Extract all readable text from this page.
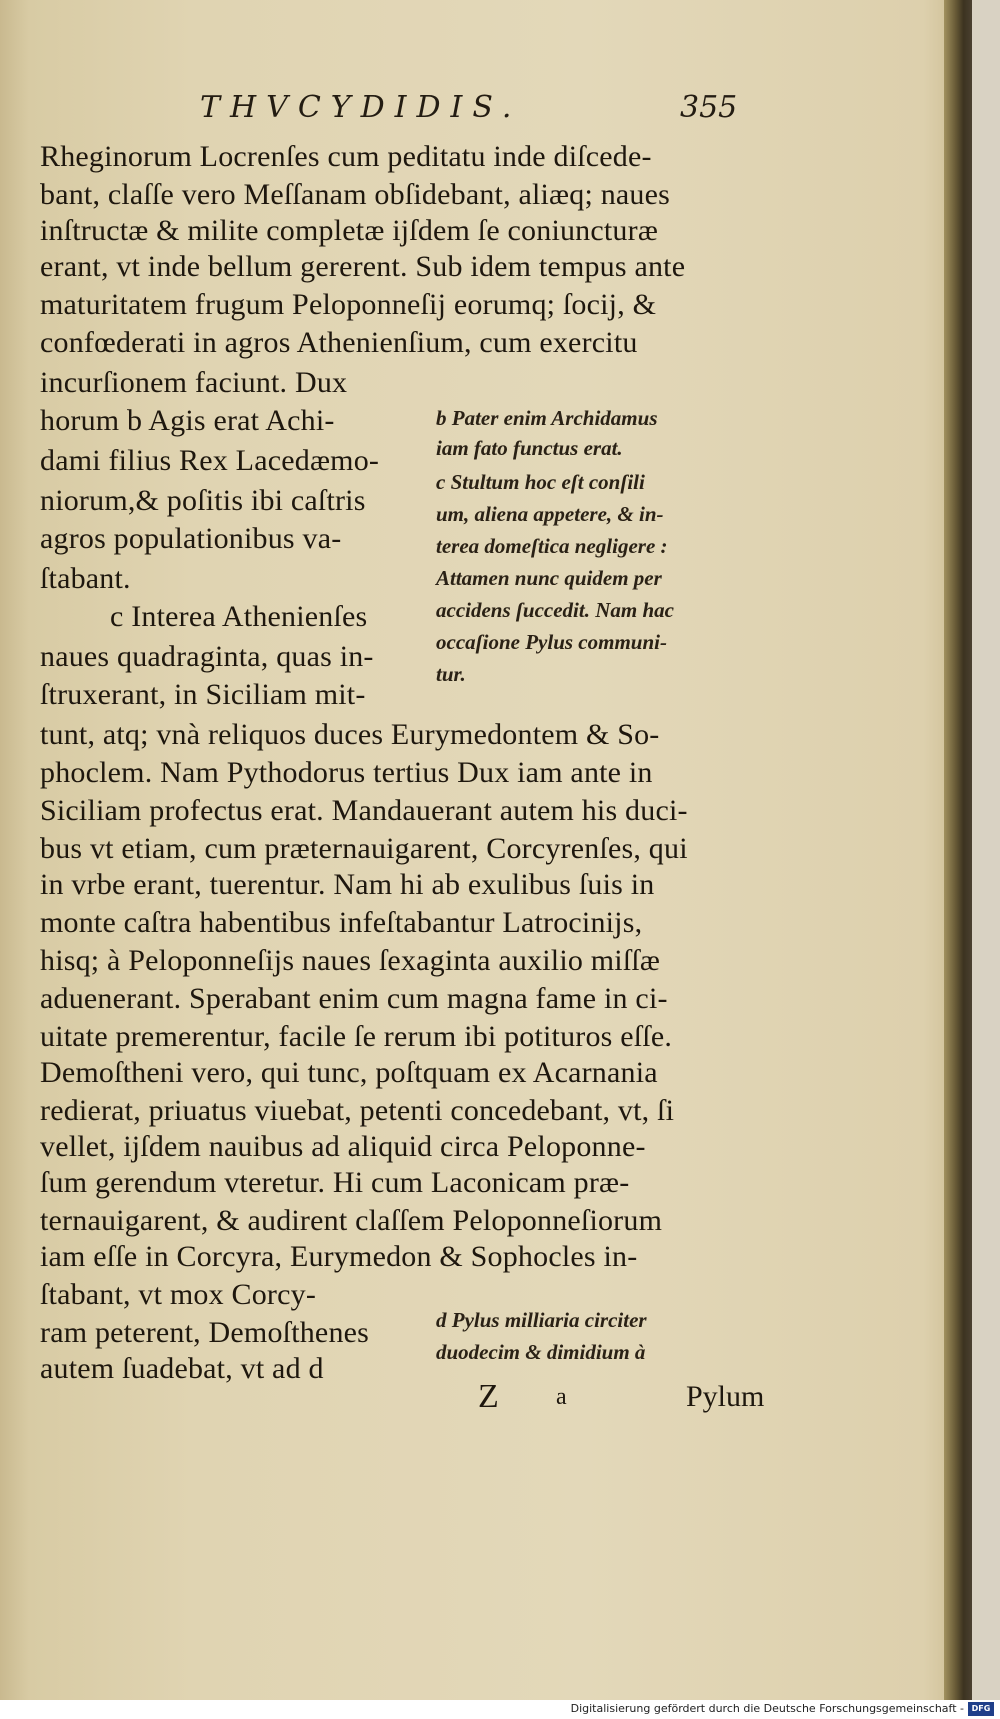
THVCYDIDIS.	355
Rheginorum Locrenſes cum peditatu inde diſcede-
bant, claſſe vero Meſſanam obſidebant, aliæq; naues
inſtructæ & milite completæ ijſdem ſe coniuncturæ
erant, vt inde bellum gererent. Sub idem tempus ante
maturitatem frugum Peloponneſij eorumq; ſocij, &
confœderati in agros Athenienſium, cum exercitu
incurſionem faciunt. Dux
horum b Agis erat Achi-
dami filius Rex Lacedæmo-
niorum,& poſitis ibi caſtris
agros populationibus va-
ſtabant.
c Interea Athenienſes
naues quadraginta, quas in-
ſtruxerant, in Siciliam mit-
tunt, atq; vnà reliquos duces Eurymedontem & So-
phoclem. Nam Pythodorus tertius Dux iam ante in
Siciliam profectus erat. Mandauerant autem his duci-
bus vt etiam, cum præternauigarent, Corcyrenſes, qui
in vrbe erant, tuerentur. Nam hi ab exulibus ſuis in
monte caſtra habentibus infeſtabantur Latrocinijs,
hisq; à Peloponneſijs naues ſexaginta auxilio miſſæ
aduenerant. Sperabant enim cum magna fame in ci-
uitate premerentur, facile ſe rerum ibi potituros eſſe.
Demoſtheni vero, qui tunc, poſtquam ex Acarnania
redierat, priuatus viuebat, petenti concedebant, vt, ſi
vellet, ijſdem nauibus ad aliquid circa Peloponne-
ſum gerendum vteretur. Hi cum Laconicam præ-
ternauigarent, & audirent claſſem Peloponneſiorum
iam eſſe in Corcyra, Eurymedon & Sophocles in-
ſtabant, vt mox Corcy-
ram peterent, Demoſthenes
autem ſuadebat, vt ad d
b Pater enim Archidamus
iam fato functus erat.
c Stultum hoc eſt conſili
um, aliena appetere, & in-
terea domeſtica negligere :
Attamen nunc quidem per
accidens ſuccedit. Nam hac
occaſione Pylus communi-
tur.
d Pylus milliaria circiter
duodecim & dimidium à
Z a	Pylum
Digitalisierung gefördert durch die Deutsche Forschungsgemeinschaft - DFG
